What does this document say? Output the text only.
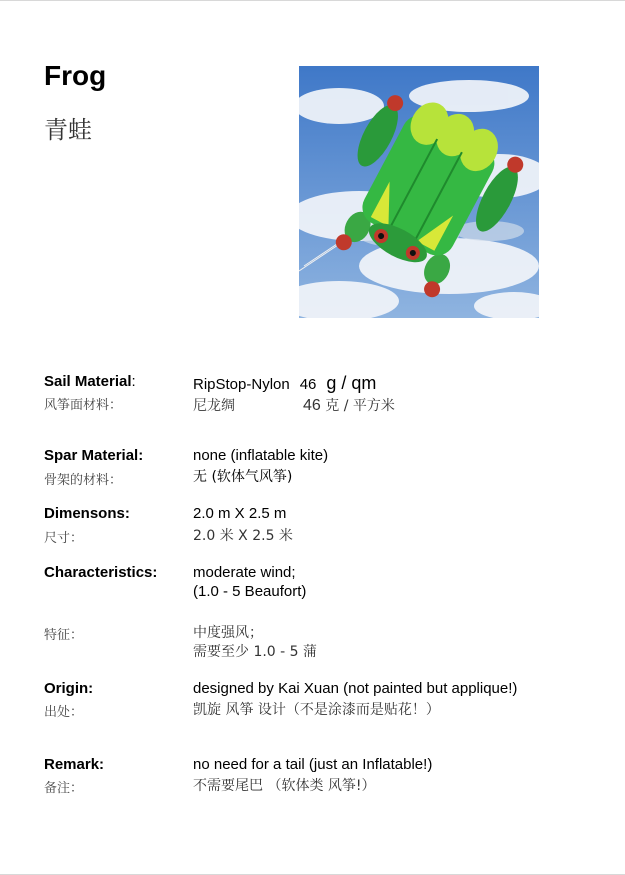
Frog
青蛙
Sail Material:
风筝面材料：
RipStop-Nylon 46 g / qm
尼龙绸	46 克 / 平方米
Spar Material:
骨架的材料：
none (inflatable kite)
无 (软体气风筝)
Dimensons:
尺寸：
2.0 m X 2.5 m
2.0 米 X 2.5 米
Characteristics: moderate wind;
(1.0 - 5 Beaufort)
特征：	中度强风；
需要至少 1.0 - 5 蒲
Origin:
出处：
designed by Kai Xuan (not painted but applique!)
凯旋 风筝 设计（不是涂漆而是贴花！）
Remark:
备注：
no need for a tail (just an Inflatable!)
不需要尾巴 （软体类 风筝!）
